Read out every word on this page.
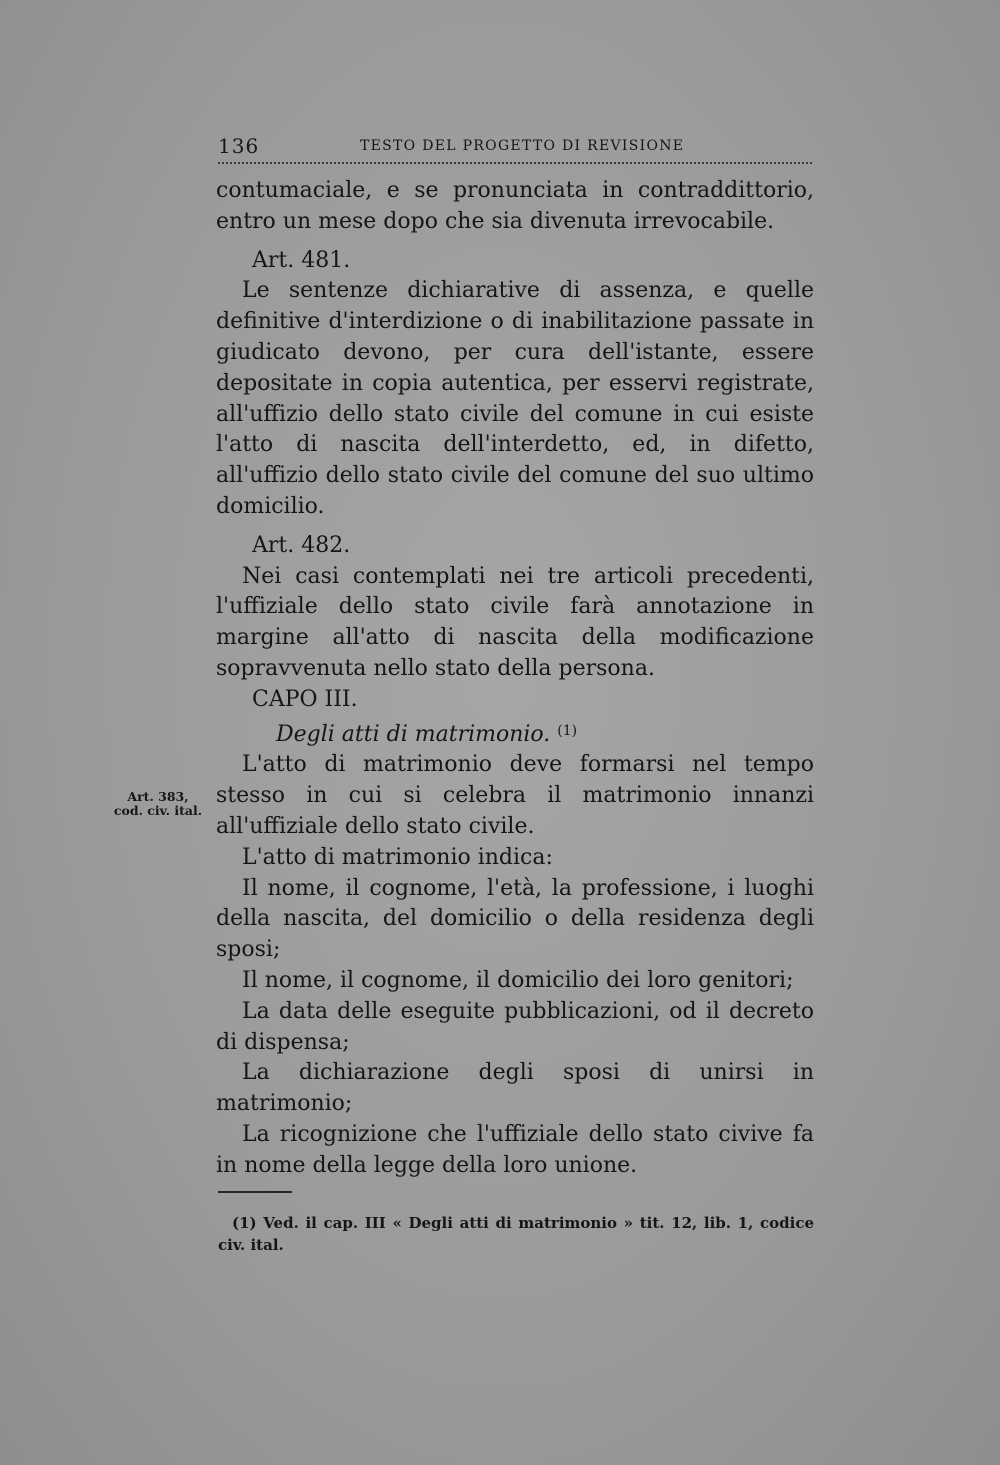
136	TESTO DEL PROGETTO DI REVISIONE
Art. 383,
cod. civ. ital.

contumaciale, e se pronunciata in contraddittorio, entro un mese dopo che sia divenuta irrevocabile.

Art. 481.

Le sentenze dichiarative di assenza, e quelle definitive d'interdizione o di inabilitazione passate in giudicato devono, per cura dell'istante, essere depositate in copia autentica, per esservi registrate, all'uffizio dello stato civile del comune in cui esiste l'atto di nascita dell'interdetto, ed, in difetto, all'uffizio dello stato civile del comune del suo ultimo domicilio.

Art. 482.

Nei casi contemplati nei tre articoli precedenti, l'uffiziale dello stato civile farà annotazione in margine all'atto di nascita della modificazione sopravvenuta nello stato della persona.

CAPO III.

Degli atti di matrimonio. $^{(1)}$

L'atto di matrimonio deve formarsi nel tempo stesso in cui si celebra il matrimonio innanzi all'uffiziale dello stato civile.

L'atto di matrimonio indica:

Il nome, il cognome, l'età, la professione, i luoghi della nascita, del domicilio o della residenza degli sposi;

Il nome, il cognome, il domicilio dei loro genitori;

La data delle eseguite pubblicazioni, od il decreto di dispensa;

La dichiarazione degli sposi di unirsi in matrimonio;

La ricognizione che l'uffiziale dello stato civive fa in nome della legge della loro unione.

(1) Ved. il cap. III « Degli atti di matrimonio » tit. 12, lib. 1, codice civ. ital.
